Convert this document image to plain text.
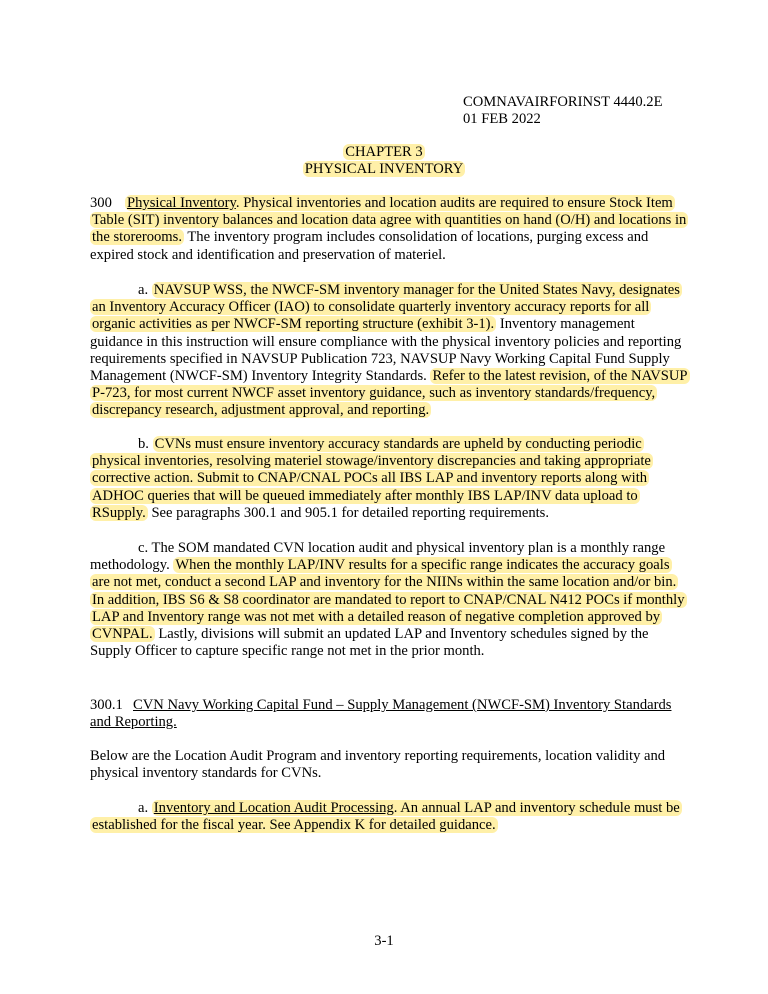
COMNAVAIRFORINST 4440.2E
01 FEB 2022
CHAPTER 3
PHYSICAL INVENTORY

300 Physical Inventory. Physical inventories and location audits are required to ensure Stock Item Table (SIT) inventory balances and location data agree with quantities on hand (O/H) and locations in the storerooms. The inventory program includes consolidation of locations, purging excess and expired stock and identification and preservation of materiel.

a. NAVSUP WSS, the NWCF-SM inventory manager for the United States Navy, designates an Inventory Accuracy Officer (IAO) to consolidate quarterly inventory accuracy reports for all organic activities as per NWCF-SM reporting structure (exhibit 3-1). Inventory management guidance in this instruction will ensure compliance with the physical inventory policies and reporting requirements specified in NAVSUP Publication 723, NAVSUP Navy Working Capital Fund Supply Management (NWCF-SM) Inventory Integrity Standards. Refer to the latest revision, of the NAVSUP P-723, for most current NWCF asset inventory guidance, such as inventory standards/frequency, discrepancy research, adjustment approval, and reporting.

b. CVNs must ensure inventory accuracy standards are upheld by conducting periodic physical inventories, resolving materiel stowage/inventory discrepancies and taking appropriate corrective action. Submit to CNAP/CNAL POCs all IBS LAP and inventory reports along with ADHOC queries that will be queued immediately after monthly IBS LAP/INV data upload to RSupply. See paragraphs 300.1 and 905.1 for detailed reporting requirements.

c. The SOM mandated CVN location audit and physical inventory plan is a monthly range methodology. When the monthly LAP/INV results for a specific range indicates the accuracy goals are not met, conduct a second LAP and inventory for the NIINs within the same location and/or bin. In addition, IBS S6 & S8 coordinator are mandated to report to CNAP/CNAL N412 POCs if monthly LAP and Inventory range was not met with a detailed reason of negative completion approved by CVNPAL. Lastly, divisions will submit an updated LAP and Inventory schedules signed by the Supply Officer to capture specific range not met in the prior month.

300.1 CVN Navy Working Capital Fund – Supply Management (NWCF-SM) Inventory Standards and Reporting.

Below are the Location Audit Program and inventory reporting requirements, location validity and physical inventory standards for CVNs.

a. Inventory and Location Audit Processing. An annual LAP and inventory schedule must be established for the fiscal year. See Appendix K for detailed guidance.

3-1
